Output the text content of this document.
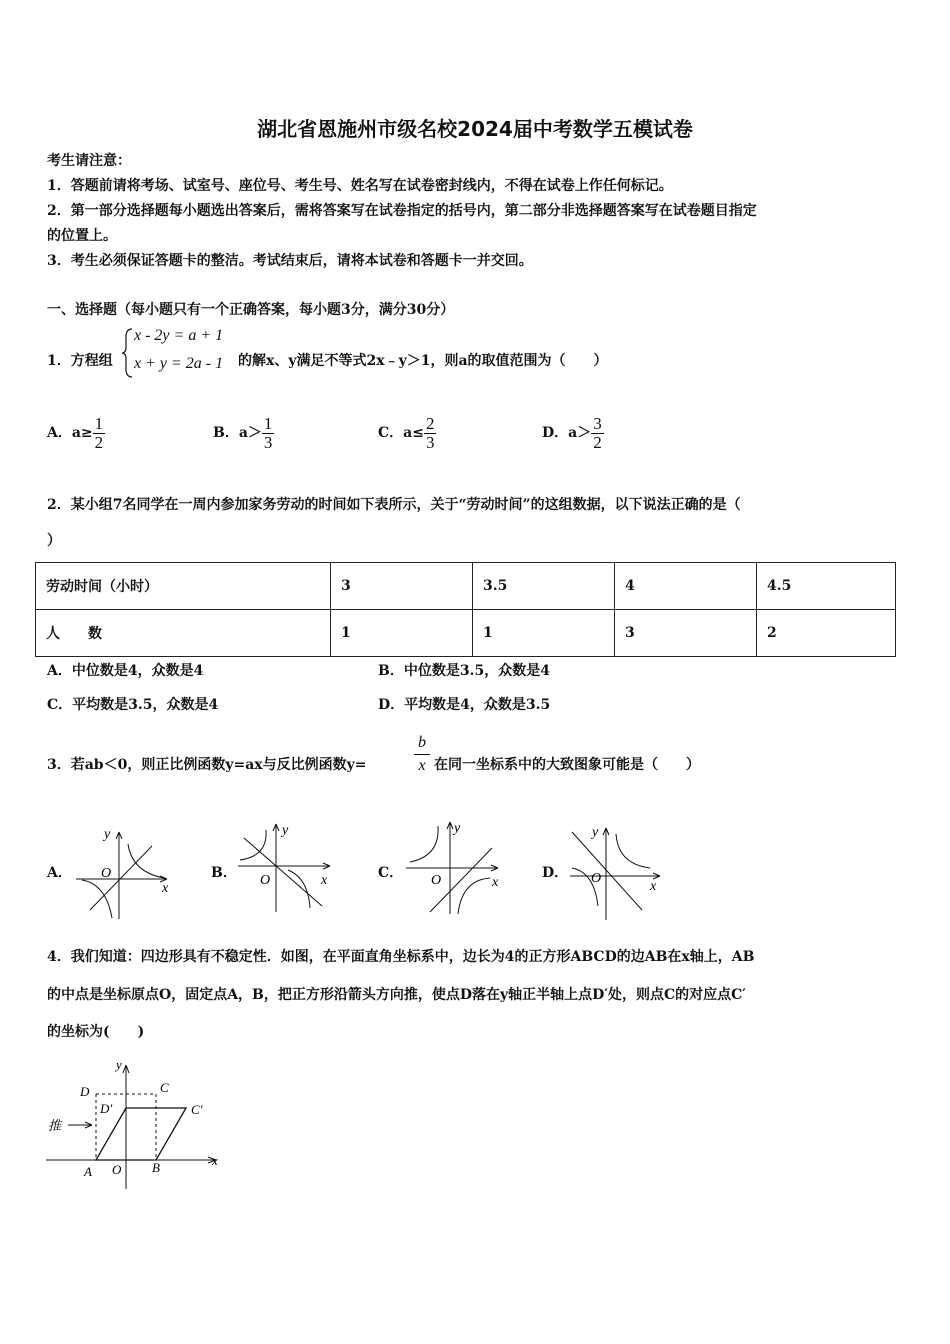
湖北省恩施州市级名校2024届中考数学五模试卷
考生请注意：
1．答题前请将考场、试室号、座位号、考生号、姓名写在试卷密封线内，不得在试卷上作任何标记。
2．第一部分选择题每小题选出答案后，需将答案写在试卷指定的括号内，第二部分非选择题答案写在试卷题目指定
的位置上。
3．考生必须保证答题卡的整洁。考试结束后，请将本试卷和答题卡一并交回。
一、选择题（每小题只有一个正确答案，每小题3分，满分30分）
1．方程组
x - 2y = a + 1
x + y = 2a - 1 的解x、y满足不等式2x﹣y＞1，则a的取值范围为（　　）
A．$a\ge \frac{1}{2}$	B．$a> \frac{1}{3}$	C．$a\le \frac{2}{3}$	D．$a> \frac{3}{2}$
2．某小组7名同学在一周内参加家务劳动的时间如下表所示，关于“劳动时间”的这组数据，以下说法正确的是（
）
劳动时间（小时）	3	3.5	4	4.5
人　　数	1	1	3	2
A．中位数是4，众数是4	B．中位数是3.5，众数是4
C．平均数是3.5，众数是4	D．平均数是4，众数是3.5
3．若ab＜0，则正比例函数y=ax与反比例函数y=	$\frac{b}{x}$ 在同一坐标系中的大致图象可能是（　　）
A．	B．	C．	D．
x
y
O	x
y
O	x
y
O	x
y
O
4．我们知道：四边形具有不稳定性．如图，在平面直角坐标系中，边长为4的正方形ABCD的边AB在x轴上，AB
的中点是坐标原点O，固定点A，B，把正方形沿箭头方向推，使点D落在y轴正半轴上点D′处，则点C的对应点C′
的坐标为(　　)
推
A O B
C
D
D′	C′
x
y
